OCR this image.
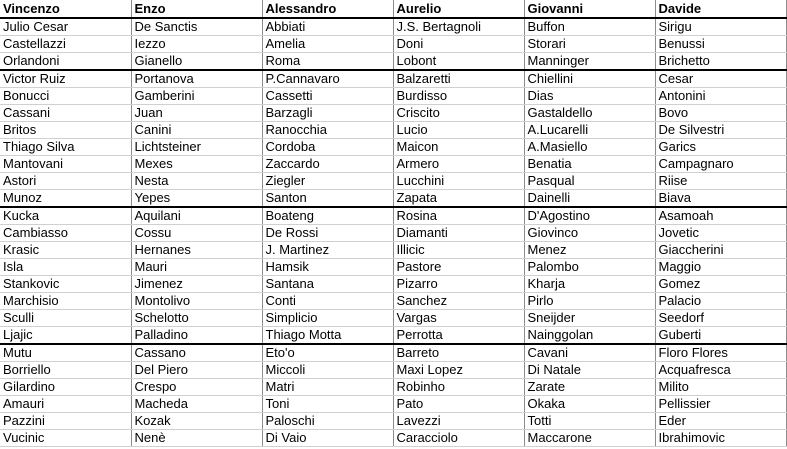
Vincenzo	Enzo	Alessandro	Aurelio	Giovanni	Davide
Julio Cesar	De Sanctis	Abbiati	J.S. Bertagnoli	Buffon	Sirigu
Castellazzi	Iezzo	Amelia	Doni	Storari	Benussi
Orlandoni	Gianello	Roma	Lobont	Manninger	Brichetto
Victor Ruiz	Portanova	P.Cannavaro	Balzaretti	Chiellini	Cesar
Bonucci	Gamberini	Cassetti	Burdisso	Dias	Antonini
Cassani	Juan	Barzagli	Criscito	Gastaldello	Bovo
Britos	Canini	Ranocchia	Lucio	A.Lucarelli	De Silvestri
Thiago Silva	Lichtsteiner	Cordoba	Maicon	A.Masiello	Garics
Mantovani	Mexes	Zaccardo	Armero	Benatia	Campagnaro
Astori	Nesta	Ziegler	Lucchini	Pasqual	Riise
Munoz	Yepes	Santon	Zapata	Dainelli	Biava
Kucka	Aquilani	Boateng	Rosina	D'Agostino	Asamoah
Cambiasso	Cossu	De Rossi	Diamanti	Giovinco	Jovetic
Krasic	Hernanes	J. Martinez	Illicic	Menez	Giaccherini
Isla	Mauri	Hamsik	Pastore	Palombo	Maggio
Stankovic	Jimenez	Santana	Pizarro	Kharja	Gomez
Marchisio	Montolivo	Conti	Sanchez	Pirlo	Palacio
Sculli	Schelotto	Simplicio	Vargas	Sneijder	Seedorf
Ljajic	Palladino	Thiago Motta	Perrotta	Nainggolan	Guberti
Mutu	Cassano	Eto'o	Barreto	Cavani	Floro Flores
Borriello	Del Piero	Miccoli	Maxi Lopez	Di Natale	Acquafresca
Gilardino	Crespo	Matri	Robinho	Zarate	Milito
Amauri	Macheda	Toni	Pato	Okaka	Pellissier
Pazzini	Kozak	Paloschi	Lavezzi	Totti	Eder
Vucinic	Nenè	Di Vaio	Caracciolo	Maccarone	Ibrahimovic
